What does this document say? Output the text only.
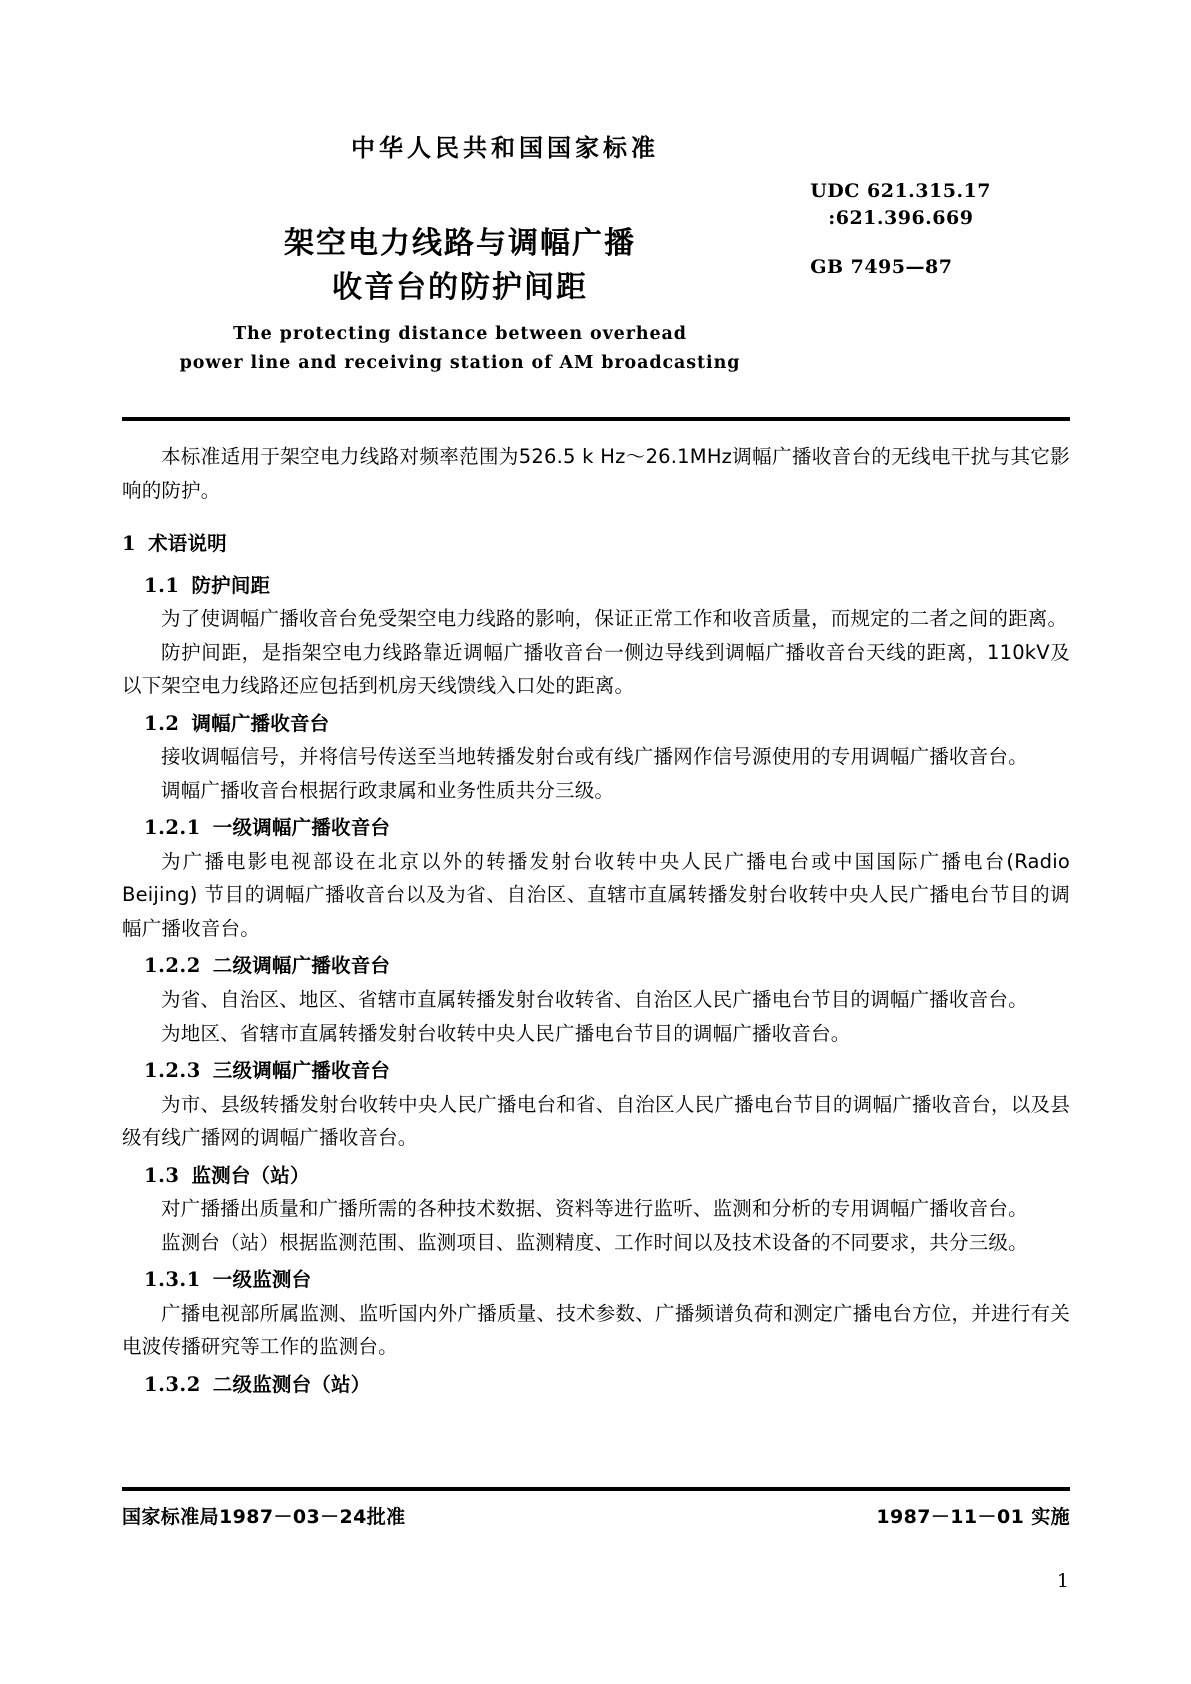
中华人民共和国国家标准
UDC 621.315.17
:621.396.669
GB 7495—87
架空电力线路与调幅广播
收音台的防护间距
The protecting distance between overhead
power line and receiving station of AM broadcasting

本标准适用于架空电力线路对频率范围为526.5 k Hz～26.1MHz调幅广播收音台的无线电干扰与其它影响的防护。

1 术语说明

1.1 防护间距

为了使调幅广播收音台免受架空电力线路的影响，保证正常工作和收音质量，而规定的二者之间的距离。

防护间距，是指架空电力线路靠近调幅广播收音台一侧边导线到调幅广播收音台天线的距离，110kV及以下架空电力线路还应包括到机房天线馈线入口处的距离。

1.2 调幅广播收音台

接收调幅信号，并将信号传送至当地转播发射台或有线广播网作信号源使用的专用调幅广播收音台。

调幅广播收音台根据行政隶属和业务性质共分三级。

1.2.1 一级调幅广播收音台

为广播电影电视部设在北京以外的转播发射台收转中央人民广播电台或中国国际广播电台(Radio Beijing) 节目的调幅广播收音台以及为省、自治区、直辖市直属转播发射台收转中央人民广播电台节目的调幅广播收音台。

1.2.2 二级调幅广播收音台

为省、自治区、地区、省辖市直属转播发射台收转省、自治区人民广播电台节目的调幅广播收音台。

为地区、省辖市直属转播发射台收转中央人民广播电台节目的调幅广播收音台。

1.2.3 三级调幅广播收音台

为市、县级转播发射台收转中央人民广播电台和省、自治区人民广播电台节目的调幅广播收音台，以及县级有线广播网的调幅广播收音台。

1.3 监测台（站）

对广播播出质量和广播所需的各种技术数据、资料等进行监听、监测和分析的专用调幅广播收音台。

监测台（站）根据监测范围、监测项目、监测精度、工作时间以及技术设备的不同要求，共分三级。

1.3.1 一级监测台

广播电视部所属监测、监听国内外广播质量、技术参数、广播频谱负荷和测定广播电台方位，并进行有关电波传播研究等工作的监测台。

1.3.2 二级监测台（站）

国家标准局1987－03－24批准	1987－11－01 实施
1
